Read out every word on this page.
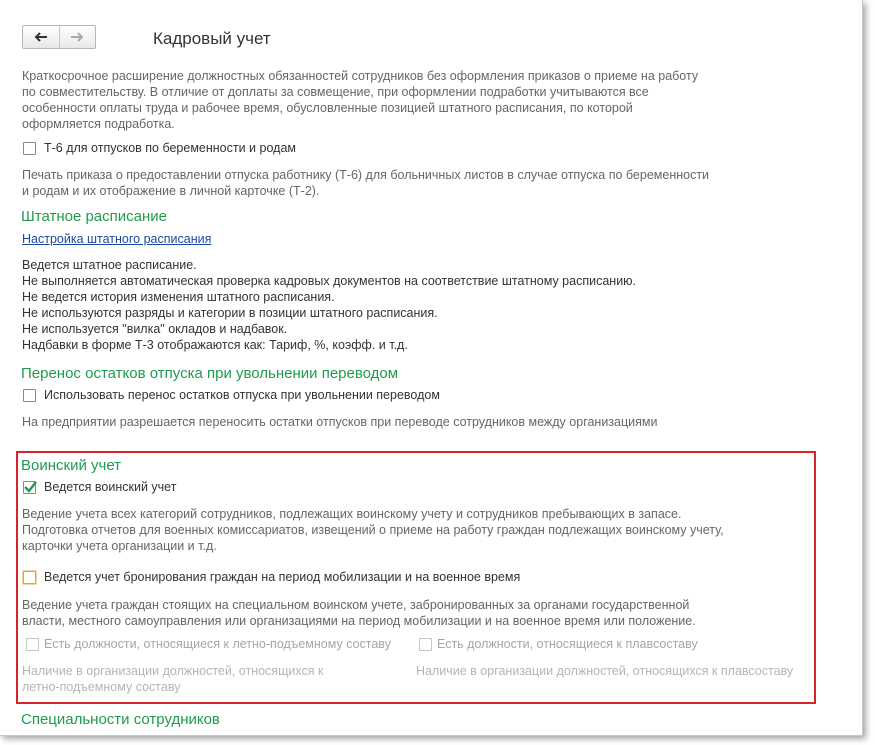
Кадровый учет
Краткосрочное расширение должностных обязанностей сотрудников без оформления приказов о приеме на работу
по совместительству. В отличие от доплаты за совмещение, при оформлении подработки учитываются все
особенности оплаты труда и рабочее время, обусловленные позицией штатного расписания, по которой
оформляется подработка.
Т-6 для отпусков по беременности и родам
Печать приказа о предоставлении отпуска работнику (Т-6) для больничных листов в случае отпуска по беременности
и родам и их отображение в личной карточке (Т-2).
Штатное расписание
Настройка штатного расписания
Ведется штатное расписание.
Не выполняется автоматическая проверка кадровых документов на соответствие штатному расписанию.
Не ведется история изменения штатного расписания.
Не используются разряды и категории в позиции штатного расписания.
Не используется "вилка" окладов и надбавок.
Надбавки в форме Т-3 отображаются как: Тариф, %, коэфф. и т.д.
Перенос остатков отпуска при увольнении переводом
Использовать перенос остатков отпуска при увольнении переводом
На предприятии разрешается переносить остатки отпусков при переводе сотрудников между организациями
Воинский учет
Ведется воинский учет
Ведение учета всех категорий сотрудников, подлежащих воинскому учету и сотрудников пребывающих в запасе.
Подготовка отчетов для военных комиссариатов, извещений о приеме на работу граждан подлежащих воинскому учету,
карточки учета организации и т.д.
Ведется учет бронирования граждан на период мобилизации и на военное время
Ведение учета граждан стоящих на специальном воинском учете, забронированных за органами государственной
власти, местного самоуправления или организациями на период мобилизации и на военное время или положение.
Есть должности, относящиеся к летно-подъемному составу	Есть должности, относящиеся к плавсоставу
Наличие в организации должностей, относящихся к
летно-подъемному составу
Наличие в организации должностей, относящихся к плавсоставу
Специальности сотрудников
